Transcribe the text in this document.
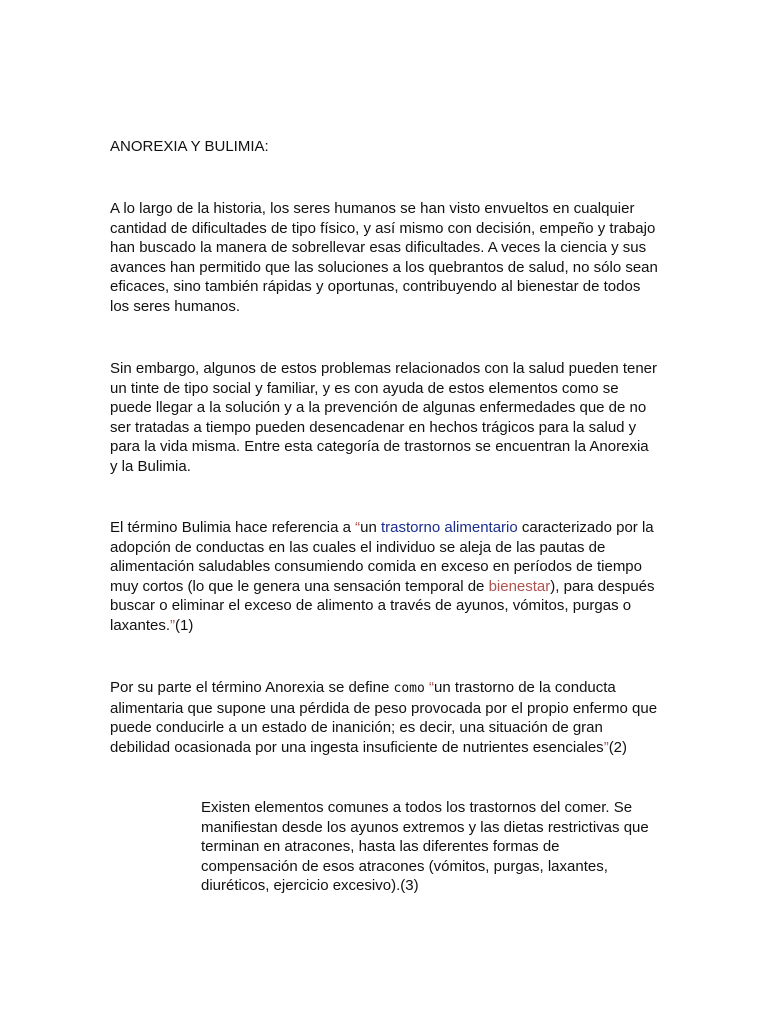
ANOREXIA Y BULIMIA:

A lo largo de la historia, los seres humanos se han visto envueltos en cualquier cantidad de dificultades de tipo físico, y así mismo con decisión, empeño y trabajo han buscado la manera de sobrellevar esas dificultades. A veces la ciencia y sus avances han permitido que las soluciones a los quebrantos de salud, no sólo sean eficaces, sino también rápidas y oportunas, contribuyendo al bienestar de todos los seres humanos.

Sin embargo, algunos de estos problemas relacionados con la salud pueden tener un tinte de tipo social y familiar, y es con ayuda de estos elementos como se puede llegar a la solución y a la prevención de algunas enfermedades que de no ser tratadas a tiempo pueden desencadenar en hechos trágicos para la salud y para la vida misma. Entre esta categoría de trastornos se encuentran la Anorexia y la Bulimia.

El término Bulimia hace referencia a “un trastorno alimentario caracterizado por la adopción de conductas en las cuales el individuo se aleja de las pautas de alimentación saludables consumiendo comida en exceso en períodos de tiempo muy cortos (lo que le genera una sensación temporal de bienestar), para después buscar o eliminar el exceso de alimento a través de ayunos, vómitos, purgas o laxantes.”(1)

Por su parte el término Anorexia se define como “un trastorno de la conducta alimentaria que supone una pérdida de peso provocada por el propio enfermo que puede conducirle a un estado de inanición; es decir, una situación de gran debilidad ocasionada por una ingesta insuficiente de nutrientes esenciales”(2)

Existen elementos comunes a todos los trastornos del comer. Se manifiestan desde los ayunos extremos y las dietas restrictivas que terminan en atracones, hasta las diferentes formas de compensación de esos atracones (vómitos, purgas, laxantes, diuréticos, ejercicio excesivo).(3)
